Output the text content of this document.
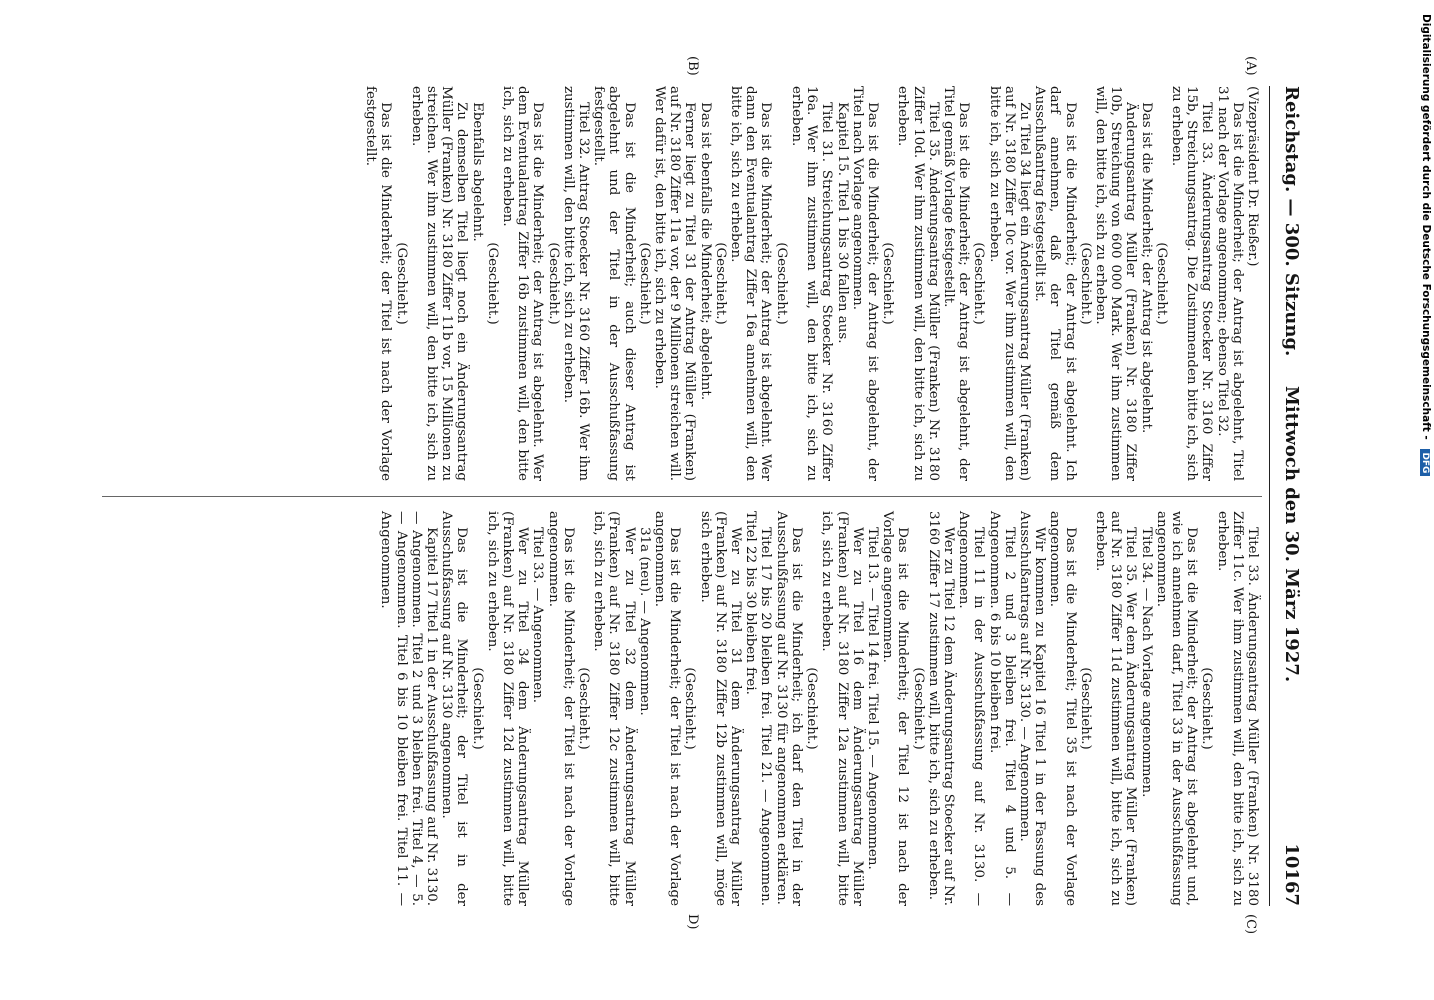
Reichstag. — 300. Sitzung.
Mittwoch den 30. März 1927.
10167
(A)
(B)
(C)
D)

(Vizepräsident Dr. Rießer.)

Das ist die Minderheit; der Antrag ist abgelehnt, Titel 31 nach der Vorlage angenommen; ebenso Titel 32.

Titel 33. Änderungsantrag Stoecker Nr. 3160 Ziffer 15b, Streichungsantrag. Die Zustimmenden bitte ich, sich zu erheben.

(Geschieht.)

Das ist die Minderheit; der Antrag ist abgelehnt.

Änderungsantrag Müller (Franken) Nr. 3180 Ziffer 10b, Streichung von 600 000 Mark. Wer ihm zustimmen will, den bitte ich, sich zu erheben.

(Geschieht.)

Das ist die Minderheit; der Antrag ist abgelehnt. Ich darf annehmen, daß der Titel gemäß dem Ausschußantrag festgestellt ist.

Zu Titel 34 liegt ein Änderungsantrag Müller (Franken) auf Nr. 3180 Ziffer 10c vor. Wer ihm zustimmen will, den bitte ich, sich zu erheben.

(Geschieht.)

Das ist die Minderheit; der Antrag ist abgelehnt, der Titel gemäß Vorlage festgestellt.

Titel 35. Änderungsantrag Müller (Franken) Nr. 3180 Ziffer 10d. Wer ihm zustimmen will, den bitte ich, sich zu erheben.

(Geschieht.)

Das ist die Minderheit; der Antrag ist abgelehnt, der Titel nach Vorlage angenommen.

Kapitel 15. Titel 1 bis 30 fallen aus.

Titel 31. Streichungsantrag Stoecker Nr. 3160 Ziffer 16a. Wer ihm zustimmen will, den bitte ich, sich zu erheben.

(Geschieht.)

Das ist die Minderheit; der Antrag ist abgelehnt. Wer dann den Eventualantrag Ziffer 16a annehmen will, den bitte ich, sich zu erheben.

(Geschieht.)

Das ist ebenfalls die Minderheit; abgelehnt.

Ferner liegt zu Titel 31 der Antrag Müller (Franken) auf Nr. 3180 Ziffer 11a vor, der 9 Millionen streichen will. Wer dafür ist, den bitte ich, sich zu erheben.

(Geschieht.)

Das ist die Minderheit; auch dieser Antrag ist abgelehnt und der Titel in der Ausschußfassung festgestellt.

Titel 32. Antrag Stoecker Nr. 3160 Ziffer 16b. Wer ihm zustimmen will, den bitte ich, sich zu erheben.

(Geschieht.)

Das ist die Minderheit; der Antrag ist abgelehnt. Wer dem Eventualantrag Ziffer 16b zustimmen will, den bitte ich, sich zu erheben.

(Geschieht.)

Ebenfalls abgelehnt.

Zu demselben Titel liegt noch ein Änderungsantrag Müller (Franken) Nr. 3180 Ziffer 11b vor, 15 Millionen zu streichen. Wer ihm zustimmen will, den bitte ich, sich zu erheben.

(Geschieht.)

Das ist die Minderheit; der Titel ist nach der Vorlage festgestellt.

Titel 33. Änderungsantrag Müller (Franken) Nr. 3180 Ziffer 11c. Wer ihm zustimmen will, den bitte ich, sich zu erheben.

(Geschieht.)

Das ist die Minderheit; der Antrag ist abgelehnt und, wie ich annehmen darf, Titel 33 in der Ausschußfassung angenommen.

Titel 34. — Nach Vorlage angenommen.

Titel 35. Wer dem Änderungsantrag Müller (Franken) auf Nr. 3180 Ziffer 11d zustimmen will, bitte ich, sich zu erheben.

(Geschieht.)

Das ist die Minderheit; Titel 35 ist nach der Vorlage angenommen.

Wir kommen zu Kapitel 16 Titel 1 in der Fassung des Ausschußantrags auf Nr. 3130. — Angenommen.

Titel 2 und 3 bleiben frei. Titel 4 und 5. — Angenommen. 6 bis 10 bleiben frei.

Titel 11 in der Ausschußfassung auf Nr. 3130. — Angenommen.

Wer zu Titel 12 dem Änderungsantrag Stoecker auf Nr. 3160 Ziffer 17 zustimmen will, bitte ich, sich zu erheben.

(Geschieht.)

Das ist die Minderheit; der Titel 12 ist nach der Vorlage angenommen.

Titel 13. — Titel 14 frei. Titel 15. — Angenommen.

Wer zu Titel 16 dem Änderungsantrag Müller (Franken) auf Nr. 3180 Ziffer 12a zustimmen will, bitte ich, sich zu erheben.

(Geschieht.)

Das ist die Minderheit; ich darf den Titel in der Ausschußfassung auf Nr. 3130 für angenommen erklären.

Titel 17 bis 20 bleiben frei. Titel 21. — Angenommen. Titel 22 bis 30 bleiben frei.

Wer zu Titel 31 dem Änderungsantrag Müller (Franken) auf Nr. 3180 Ziffer 12b zustimmen will, möge sich erheben.

(Geschieht.)

Das ist die Minderheit; der Titel ist nach der Vorlage angenommen.

31a (neu). — Angenommen.

Wer zu Titel 32 dem Änderungsantrag Müller (Franken) auf Nr. 3180 Ziffer 12c zustimmen will, bitte ich, sich zu erheben.

(Geschieht.)

Das ist die Minderheit; der Titel ist nach der Vorlage angenommen.

Titel 33. — Angenommen.

Wer zu Titel 34 dem Änderungsantrag Müller (Franken) auf Nr. 3180 Ziffer 12d zustimmen will, bitte ich, sich zu erheben.

(Geschieht.)

Das ist die Minderheit; der Titel ist in der Ausschußfassung auf Nr. 3130 angenommen.

Kapitel 17 Titel 1 in der Ausschußfassung auf Nr. 3130. — Angenommen. Titel 2 und 3 bleiben frei. Titel 4, — 5. — Angenommen. Titel 6 bis 10 bleiben frei. Titel 11. — Angenommen.

Digitalisierung gefördert durch die Deutsche Forschungsgemeinschaft - DFG
